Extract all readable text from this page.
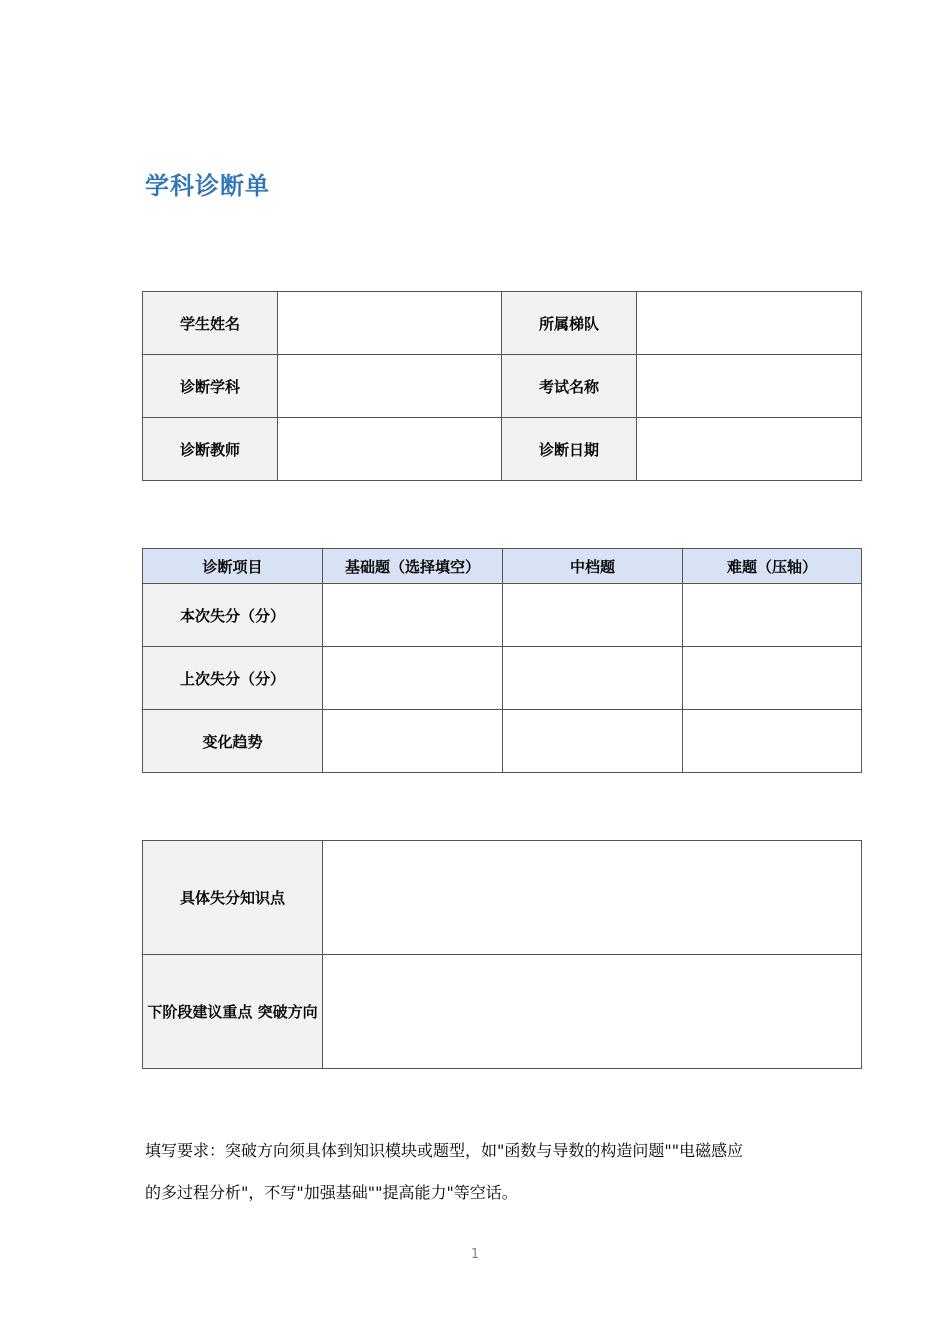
学科诊断单
学生姓名		所属梯队	
诊断学科		考试名称	
诊断教师		诊断日期	
诊断项目	基础题（选择填空）	中档题	难题（压轴）
本次失分（分）			
上次失分（分）			
变化趋势			
具体失分知识点	
下阶段建议重点 突破方向	
填写要求：突破方向须具体到知识模块或题型，如"函数与导数的构造问题""电磁感应
的多过程分析"，不写"加强基础""提高能力"等空话。
1
